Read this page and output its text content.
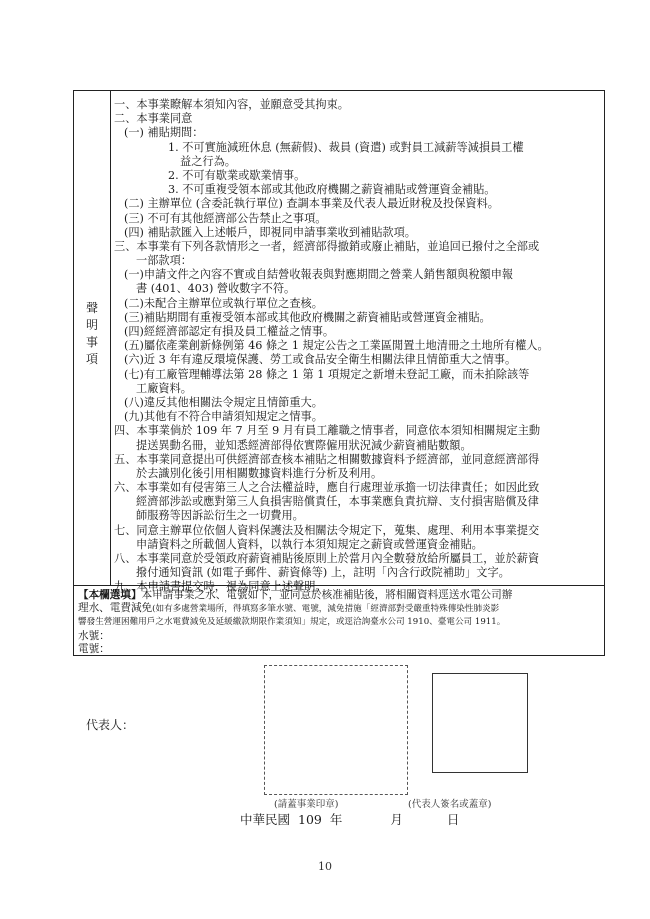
聲明事項
一、本事業瞭解本須知內容，並願意受其拘束。
二、本事業同意
(一) 補貼期間：
1. 不可實施減班休息 (無薪假)、裁員 (資遣) 或對員工減薪等減損員工權
益之行為。
2. 不可有歇業或歇業情事。
3. 不可重複受領本部或其他政府機關之薪資補貼或營運資金補貼。
(二) 主辦單位 (含委託執行單位) 查調本事業及代表人最近財稅及投保資料。
(三) 不可有其他經濟部公告禁止之事項。
(四) 補貼款匯入上述帳戶，即視同申請事業收到補貼款項。
三、本事業有下列各款情形之一者，經濟部得撤銷或廢止補貼，並追回已撥付之全部或
一部款項：
(一)申請文件之內容不實或自結營收報表與對應期間之營業人銷售額與稅額申報
書 (401、403) 營收數字不符。
(二)未配合主辦單位或執行單位之查核。
(三)補貼期間有重複受領本部或其他政府機關之薪資補貼或營運資金補貼。
(四)經經濟部認定有損及員工權益之情事。
(五)屬依產業創新條例第 46 條之 1 規定公告之工業區閒置土地清冊之土地所有權人。
(六)近 3 年有違反環境保護、勞工或食品安全衛生相關法律且情節重大之情事。
(七)有工廠管理輔導法第 28 條之 1 第 1 項規定之新增未登記工廠，而未拍除該等
工廠資料。
(八)違反其他相關法令規定且情節重大。
(九)其他有不符合申請須知規定之情事。
四、本事業倘於 109 年 7 月至 9 月有員工離職之情事者，同意依本須知相關規定主動
提送異動名冊，並知悉經濟部得依實際僱用狀況減少薪資補貼數額。
五、本事業同意提出可供經濟部查核本補貼之相關數據資料予經濟部，並同意經濟部得
於去識別化後引用相關數據資料進行分析及利用。
六、本事業如有侵害第三人之合法權益時，應自行處理並承擔一切法律責任；如因此致
經濟部涉訟或應對第三人負損害賠償責任，本事業應負責抗辯、支付損害賠償及律
師服務等因訴訟衍生之一切費用。
七、同意主辦單位依個人資料保護法及相關法令規定下，蒐集、處理、利用本事業提交
申請資料之所載個人資料，以執行本須知規定之薪資或營運資金補貼。
八、本事業同意於受領政府薪資補貼後原則上於當月內全數發放給所屬員工，並於薪資
撥付通知資訊 (如電子郵件、薪資條等) 上，註明「內含行政院補助」文字。
九、本申請書提交時，視為同意上述聲明。
【本欄選填】本申請事業之水、電號如下，並同意於核准補貼後，將相關資料逕送水電公司辦
理水、電費減免(如有多處營業場所，得填寫多筆水號、電號，減免措施「經濟部對受嚴重特殊傳染性肺炎影
響發生營運困難用戶之水電費減免及延緩繳款期限作業須知」規定，或逕洽詢臺水公司 1910、臺電公司 1911。
水號：
電號：
代表人：
(請蓋事業印章)	(代表人簽名或蓋章)
中華民國 109 年	月	日
10
